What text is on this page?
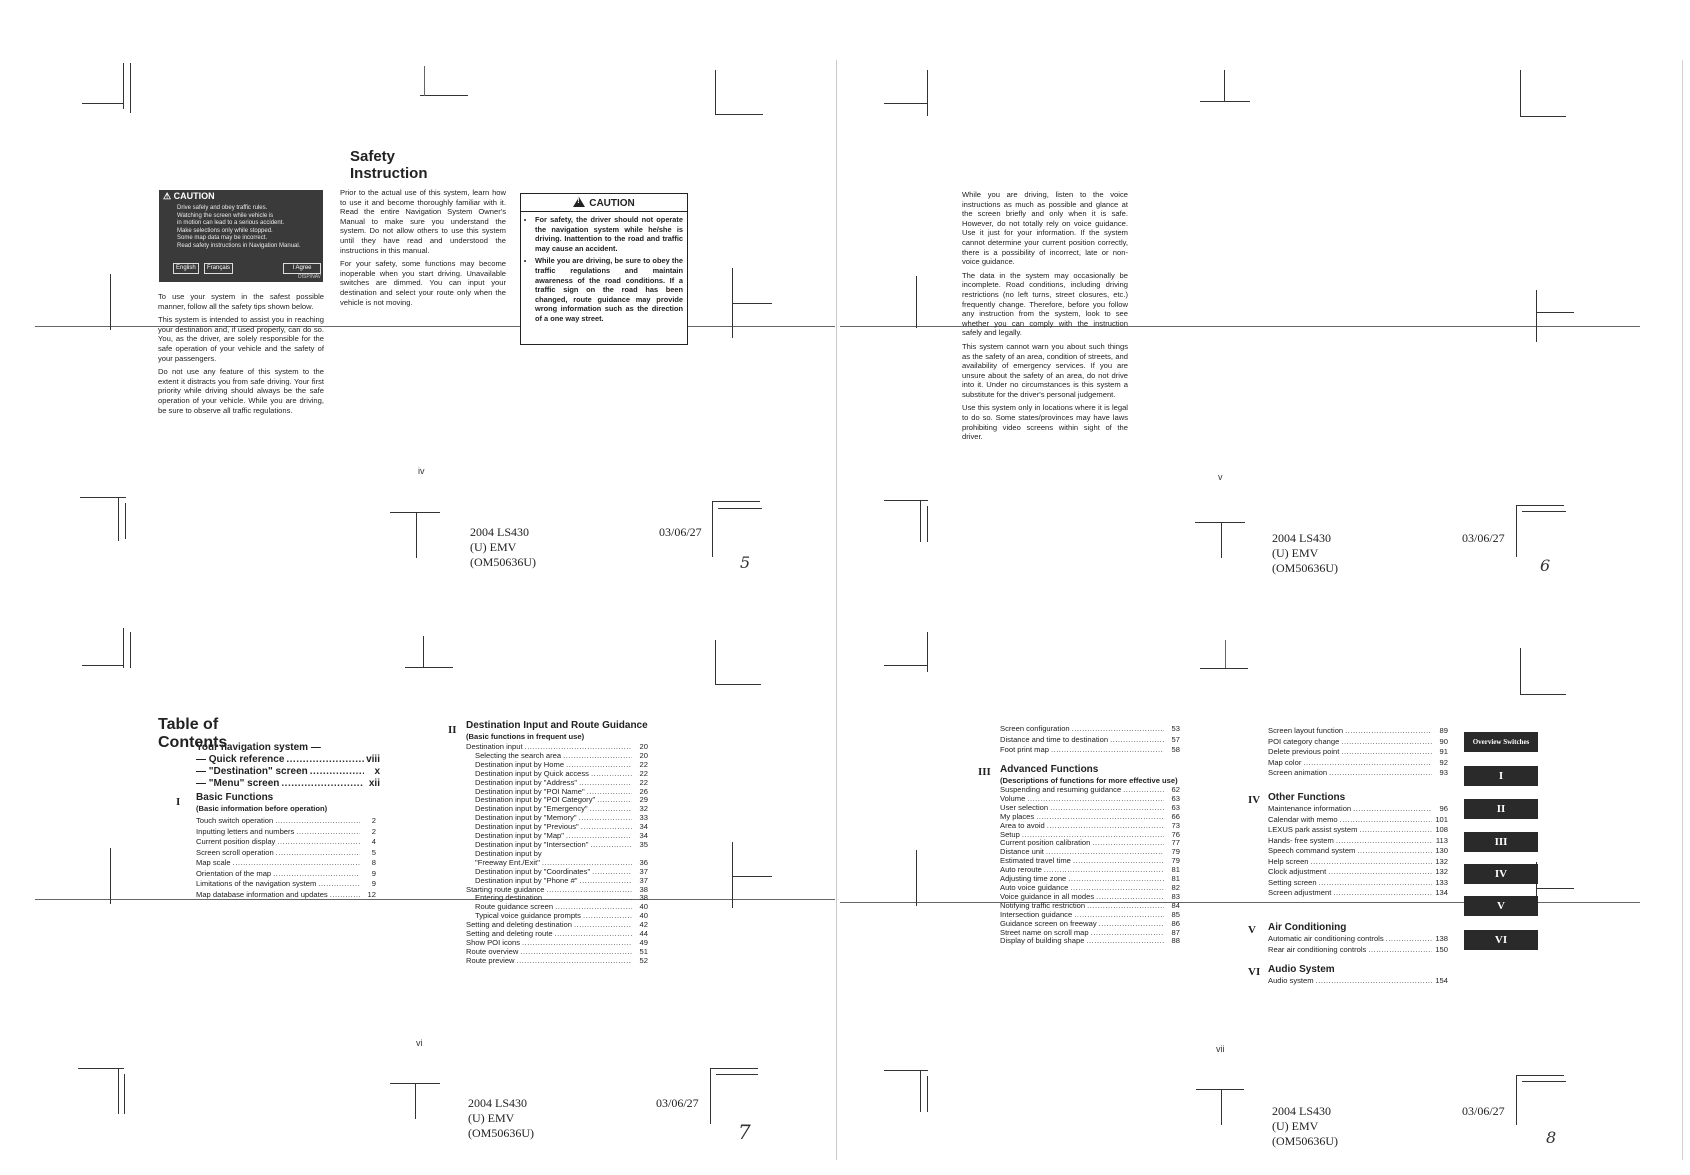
Safety Instruction
⚠ CAUTION
Drive safely and obey traffic rules.
Watching the screen while vehicle is
in motion can lead to a serious accident.
Make selections only while stopped.
Some map data may be incorrect.
Read safety instructions in Navigation Manual.
English	Français	I Agree
DISP/NAV

To use your system in the safest possible manner, follow all the safety tips shown below.

This system is intended to assist you in reaching your destination and, if used properly, can do so. You, as the driver, are solely responsible for the safe operation of your vehicle and the safety of your passengers.

Do not use any feature of this system to the extent it distracts you from safe driving. Your first priority while driving should always be the safe operation of your vehicle. While you are driving, be sure to observe all traffic regulations.

Prior to the actual use of this system, learn how to use it and become thoroughly familiar with it. Read the entire Navigation System Owner's Manual to make sure you understand the system. Do not allow others to use this system until they have read and understood the instructions in this manual.

For your safety, some functions may become inoperable when you start driving. Unavailable switches are dimmed. You can input your destination and select your route only when the vehicle is not moving.

!CAUTION
• For safety, the driver should not operate the navigation system while he/she is driving. Inattention to the road and traffic may cause an accident.
• While you are driving, be sure to obey the traffic regulations and maintain awareness of the road conditions. If a traffic sign on the road has been changed, route guidance may provide wrong information such as the direction of a one way street.
iv
2004 LS430 (U) EMV (OM50636U)
03/06/27
5

While you are driving, listen to the voice instructions as much as possible and glance at the screen briefly and only when it is safe. However, do not totally rely on voice guidance. Use it just for your information. If the system cannot determine your current position correctly, there is a possibility of incorrect, late or non- voice guidance.

The data in the system may occasionally be incomplete. Road conditions, including driving restrictions (no left turns, street closures, etc.) frequently change. Therefore, before you follow any instruction from the system, look to see whether you can comply with the instruction safely and legally.

This system cannot warn you about such things as the safety of an area, condition of streets, and availability of emergency services. If you are unsure about the safety of an area, do not drive into it. Under no circumstances is this system a substitute for the driver's personal judgement.

Use this system only in locations where it is legal to do so. Some states/provinces may have laws prohibiting video screens within sight of the driver.

v
2004 LS430 (U) EMV (OM50636U)
03/06/27
6
Table of Contents
Your navigation system —
— Quick reference .....	viii
— "Destination" screen .....	x
— "Menu" screen .....	xii
I Basic Functions
(Basic information before operation)
Touch switch operation .....	2
Inputting letters and numbers .....	2
Current position display .....	4
Screen scroll operation .....	5
Map scale .....	8
Orientation of the map .....	9
Limitations of the navigation system .....	9
Map database information and updates .....	12
II Destination Input and Route Guidance
(Basic functions in frequent use)
Destination input .....	20
Selecting the search area .....	20
Destination input by Home .....	22
Destination input by Quick access .....	22
Destination input by "Address" .....	22
Destination input by "POI Name" .....	26
Destination input by "POI Category" .....	29
Destination input by "Emergency" .....	32
Destination input by "Memory" .....	33
Destination input by "Previous" .....	34
Destination input by "Map" .....	34
Destination input by "Intersection" .....	35
Destination input by
"Freeway Ent./Exit" .....	36
Destination input by "Coordinates" .....	37
Destination input by "Phone #" .....	37
Starting route guidance .....	38
Entering destination .....	38
Route guidance screen .....	40
Typical voice guidance prompts .....	40
Setting and deleting destination .....	42
Setting and deleting route .....	44
Show POI icons .....	49
Route overview .....	51
Route preview .....	52
vi
2004 LS430 (U) EMV (OM50636U)
03/06/27
7
Screen configuration .....	53
Distance and time to destination .....	57
Foot print map .....	58
III Advanced Functions
(Descriptions of functions for more effective use)
Suspending and resuming guidance .....	62
Volume .....	63
User selection .....	63
My places .....	66
Area to avoid .....	73
Setup .....	76
Current position calibration .....	77
Distance unit .....	79
Estimated travel time .....	79
Auto reroute .....	81
Adjusting time zone .....	81
Auto voice guidance .....	82
Voice guidance in all modes .....	83
Notifying traffic restriction .....	84
Intersection guidance .....	85
Guidance screen on freeway .....	86
Street name on scroll map .....	87
Display of building shape .....	88
Screen layout function .....	89
POI category change .....	90
Delete previous point .....	91
Map color .....	92
Screen animation .....	93
IV Other Functions
Maintenance information .....	96
Calendar with memo .....	101
LEXUS park assist system .....	108
Hands- free system .....	113
Speech command system .....	130
Help screen .....	132
Clock adjustment .....	132
Setting screen .....	133
Screen adjustment .....	134
V Air Conditioning
Automatic air conditioning controls .....	138
Rear air conditioning controls .....	150
VI Audio System
Audio system .....	154
Overview Switches
I
II
III
IV
V
VI
vii
2004 LS430 (U) EMV (OM50636U)
03/06/27
8
